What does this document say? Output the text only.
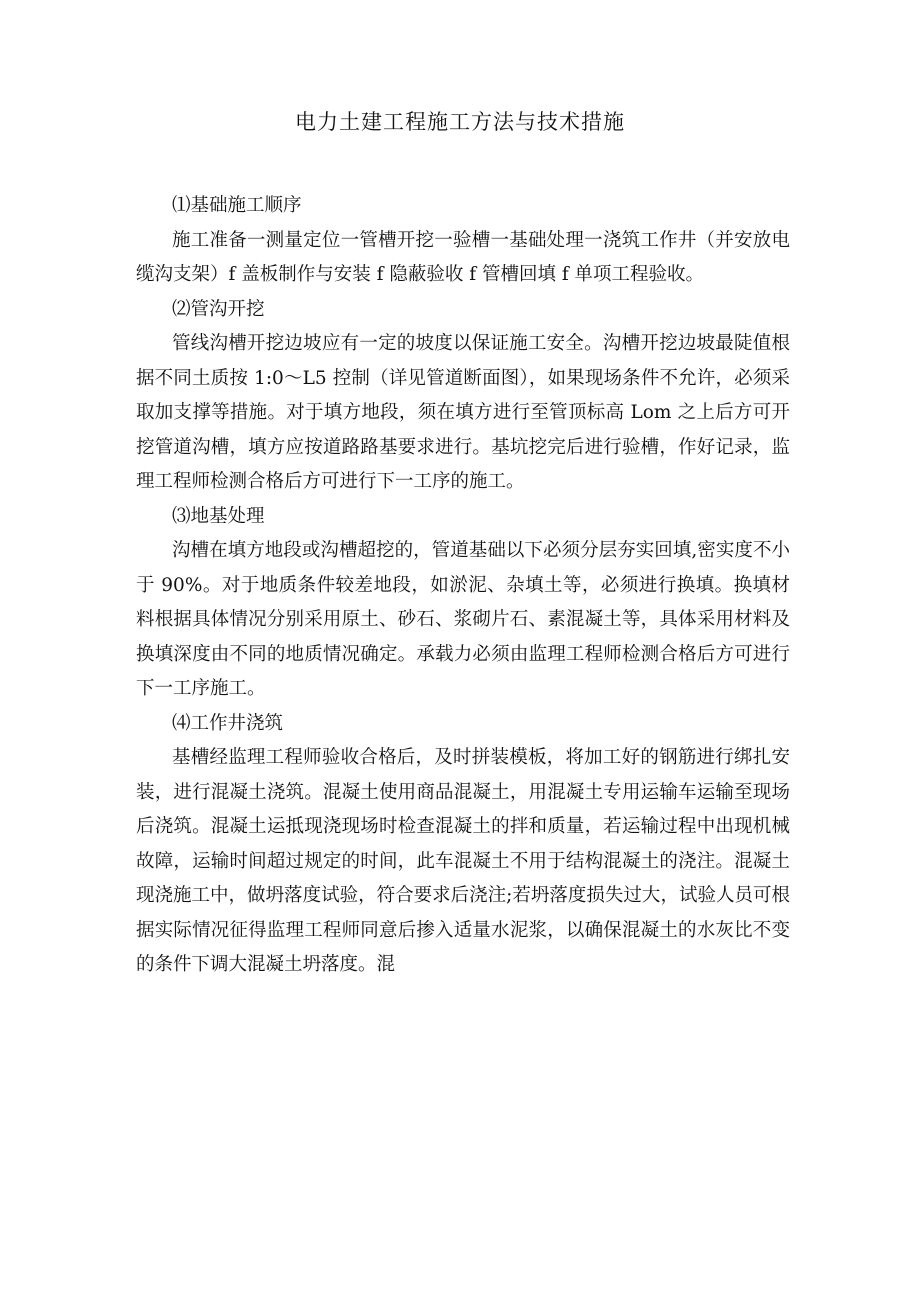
电力土建工程施工方法与技术措施

⑴基础施工顺序

施工准备一测量定位一管槽开挖一验槽一基础处理一浇筑工作井（并安放电缆沟支架）f 盖板制作与安装 f 隐蔽验收 f 管槽回填 f 单项工程验收。

⑵管沟开挖

管线沟槽开挖边坡应有一定的坡度以保证施工安全。沟槽开挖边坡最陡值根据不同土质按 1:0～L5 控制（详见管道断面图），如果现场条件不允许，必须采取加支撑等措施。对于填方地段，须在填方进行至管顶标高 Lom 之上后方可开挖管道沟槽，填方应按道路路基要求进行。基坑挖完后进行验槽，作好记录，监理工程师检测合格后方可进行下一工序的施工。

⑶地基处理

沟槽在填方地段或沟槽超挖的，管道基础以下必须分层夯实回填,密实度不小于 90%。对于地质条件较差地段，如淤泥、杂填土等，必须进行换填。换填材料根据具体情况分别采用原土、砂石、浆砌片石、素混凝土等，具体采用材料及换填深度由不同的地质情况确定。承载力必须由监理工程师检测合格后方可进行下一工序施工。

⑷工作井浇筑

基槽经监理工程师验收合格后，及时拼装模板，将加工好的钢筋进行绑扎安装，进行混凝土浇筑。混凝土使用商品混凝土，用混凝土专用运输车运输至现场后浇筑。混凝土运抵现浇现场时检查混凝土的拌和质量，若运输过程中出现机械故障，运输时间超过规定的时间，此车混凝土不用于结构混凝土的浇注。混凝土现浇施工中，做坍落度试验，符合要求后浇注;若坍落度损失过大，试验人员可根据实际情况征得监理工程师同意后掺入适量水泥浆，以确保混凝土的水灰比不变的条件下调大混凝土坍落度。混
